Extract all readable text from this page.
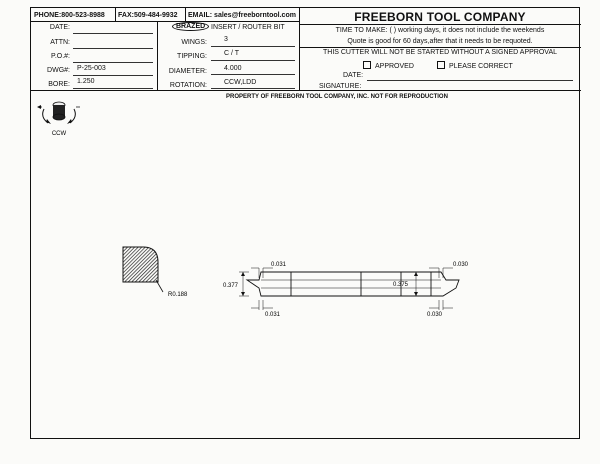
PHONE:800-523-8988 FAX:509-484-9932 EMAIL: sales@freeborntool.com
DATE:
ATTN:
P.O.#:
DWG#: P-25-003
BORE: 1.250
BRAZED INSERT / ROUTER BIT
WINGS: 3
TIPPING: C / T
DIAMETER: 4.000
ROTATION: CCW,LDD
FREEBORN TOOL COMPANY
TIME TO MAKE: ( ) working days, it does not include the weekends
Quote is good for 60 days,after that it needs to be requoted.
THIS CUTTER WILL NOT BE STARTED WITHOUT A SIGNED APPROVAL
APPROVED	PLEASE CORRECT
DATE:
SIGNATURE:
PROPERTY OF FREEBORN TOOL COMPANY, INC. NOT FOR REPRODUCTION
CCW
R0.188
0.031	0.030
0.377	0.375
0.031	0.030
